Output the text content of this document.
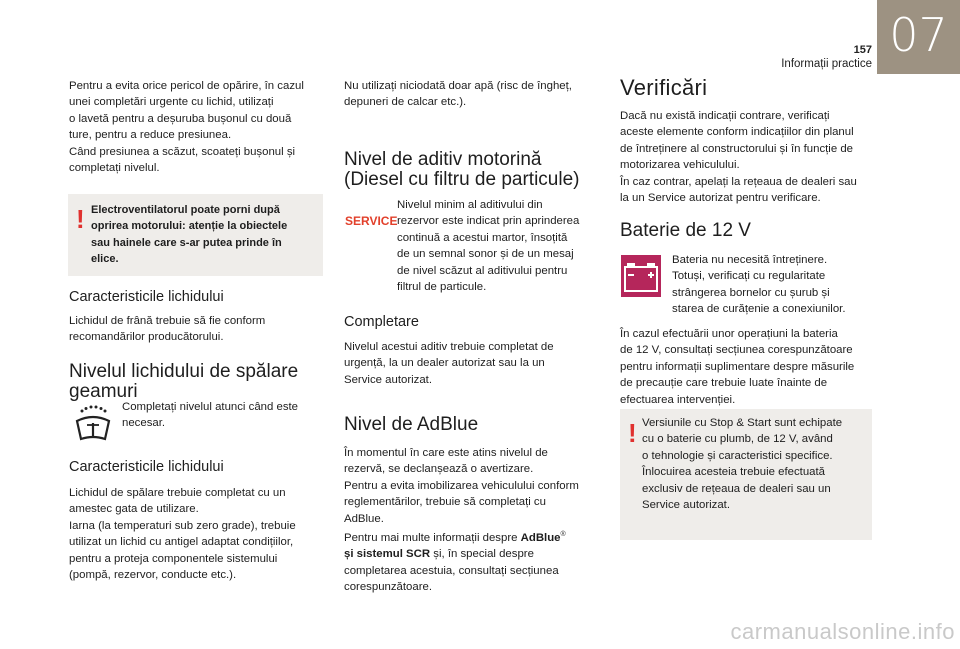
157
Informații practice
07

Pentru a evita orice pericol de opărire, în cazul
unei completări urgente cu lichid, utilizați
o lavetă pentru a deșuruba bușonul cu două
ture, pentru a reduce presiunea.
Când presiunea a scăzut, scoateți bușonul și
completați nivelul.

! Electroventilatorul poate porni după
oprirea motorului: atenție la obiectele
sau hainele care s-ar putea prinde în
elice.

Caracteristicile lichidului

Lichidul de frână trebuie să fie conform
recomandărilor producătorului.

Nivelul lichidului de spălare
geamuri

Completați nivelul atunci când este
necesar.

Caracteristicile lichidului

Lichidul de spălare trebuie completat cu un
amestec gata de utilizare.
Iarna (la temperaturi sub zero grade), trebuie
utilizat un lichid cu antigel adaptat condițiilor,
pentru a proteja componentele sistemului
(pompă, rezervor, conducte etc.).

Nu utilizați niciodată doar apă (risc de îngheț,
depuneri de calcar etc.).

Nivel de aditiv motorină
(Diesel cu filtru de particule)
SERVICE

Nivelul minim al aditivului din
rezervor este indicat prin aprinderea
continuă a acestui martor, însoțită
de un semnal sonor și de un mesaj
de nivel scăzut al aditivului pentru
filtrul de particule.

Completare

Nivelul acestui aditiv trebuie completat de
urgență, la un dealer autorizat sau la un
Service autorizat.

Nivel de AdBlue

În momentul în care este atins nivelul de
rezervă, se declanșează o avertizare.
Pentru a evita imobilizarea vehiculului conform
reglementărilor, trebuie să completați cu
AdBlue.
Pentru mai multe informații despre AdBlue®
și sistemul SCR și, în special despre
completarea acestuia, consultați secțiunea
corespunzătoare.

Verificări

Dacă nu există indicații contrare, verificați
aceste elemente conform indicațiilor din planul
de întreținere al constructorului și în funcție de
motorizarea vehiculului.
În caz contrar, apelați la rețeaua de dealeri sau
la un Service autorizat pentru verificare.

Baterie de 12 V

Bateria nu necesită întreținere.
Totuși, verificați cu regularitate
strângerea bornelor cu șurub și
starea de curățenie a conexiunilor.

În cazul efectuării unor operațiuni la bateria
de 12 V, consultați secțiunea corespunzătoare
pentru informații suplimentare despre măsurile
de precauție care trebuie luate înainte de
efectuarea intervenției.

! Versiunile cu Stop & Start sunt echipate
cu o baterie cu plumb, de 12 V, având
o tehnologie și caracteristici specifice.
Înlocuirea acesteia trebuie efectuată
exclusiv de rețeaua de dealeri sau un
Service autorizat.

carmanualsonline.info
